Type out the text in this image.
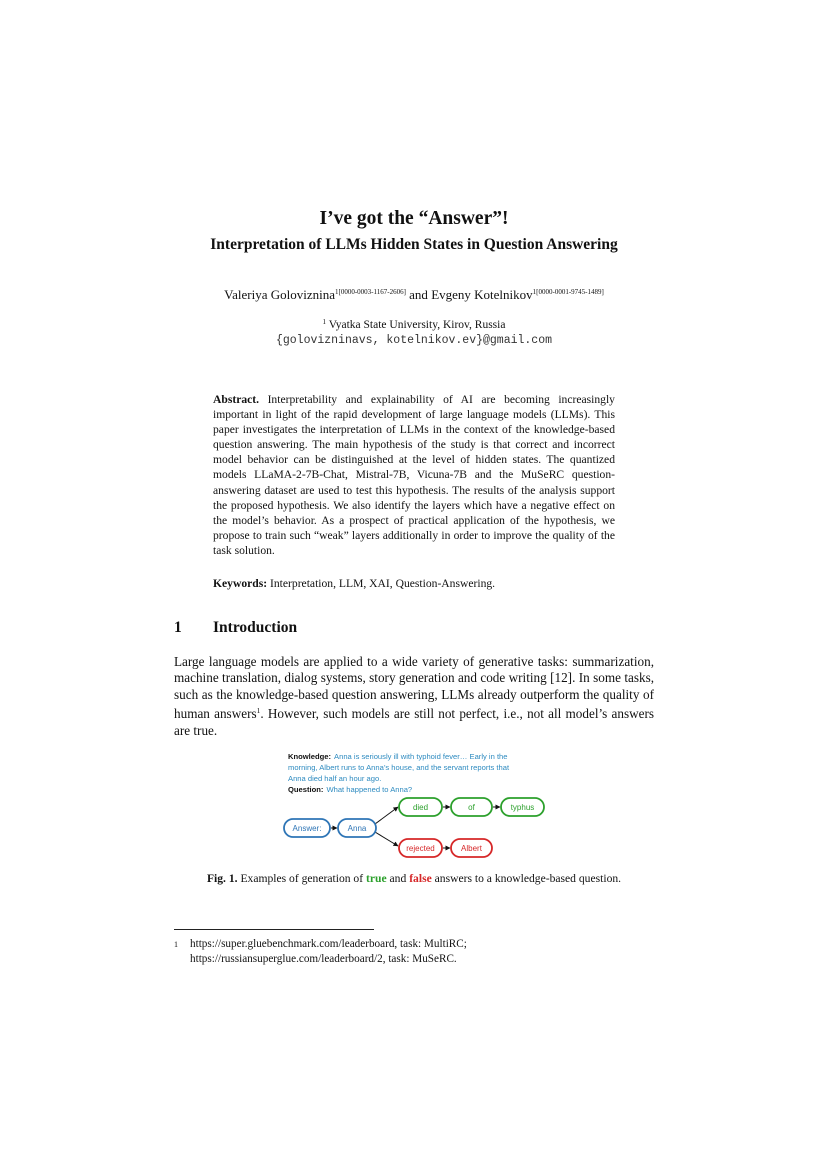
I’ve got the “Answer”!
Interpretation of LLMs Hidden States in Question Answering
Valeriya Goloviznina$^{1[0000-0003-1167-2606]}$ and Evgeny Kotelnikov$^{1[0000-0001-9745-1489]}$
$^1$ Vyatka State University, Kirov, Russia
{golovizninavs, kotelnikov.ev}@gmail.com
Abstract. Interpretability and explainability of AI are becoming increasingly important in light of the rapid development of large language models (LLMs). This paper investigates the interpretation of LLMs in the context of the knowledge-based question answering. The main hypothesis of the study is that correct and incorrect model behavior can be distinguished at the level of hidden states. The quantized models LLaMA-2-7B-Chat, Mistral-7B, Vicuna-7B and the MuSeRC question-answering dataset are used to test this hypothesis. The results of the analysis support the proposed hypothesis. We also identify the layers which have a negative effect on the model’s behavior. As a prospect of practical application of the hypothesis, we propose to train such “weak” layers additionally in order to improve the quality of the task solution.
Keywords: Interpretation, LLM, XAI, Question-Answering.
1 Introduction
Large language models are applied to a wide variety of generative tasks: summarization, machine translation, dialog systems, story generation and code writing [12]. In some tasks, such as the knowledge-based question answering, LLMs already outperform the quality of human answers$^1$. However, such models are still not perfect, i.e., not all model’s answers are true.
Knowledge: Anna is seriously ill with typhoid fever… Early in the
morning, Albert runs to Anna’s house, and the servant reports that
Anna died half an hour ago.
Question: What happened to Anna?
Answer:	Anna
died	of	typhus
rejected	Albert
Fig. 1. Examples of generation of true and false answers to a knowledge-based question.
1 https://super.gluebenchmark.com/leaderboard, task: MultiRC;
https://russiansuperglue.com/leaderboard/2, task: MuSeRC.
